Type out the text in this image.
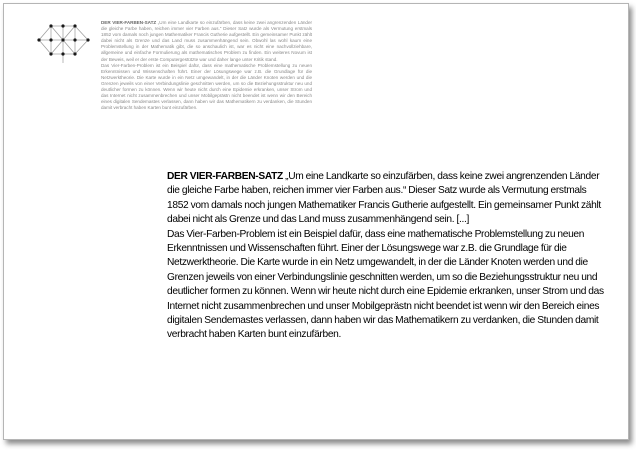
DER VIER-FARBEN-SATZ „Um eine Landkarte so einzufärben, dass keine zwei angrenzenden Länder die gleiche Farbe haben, reichen immer vier Farben aus.“ Dieser Satz wurde als Vermutung erstmals 1852 vom damals noch jungen Mathematiker Francis Gutherie aufgestellt. Ein gemeinsamer Punkt zählt dabei nicht als Grenze und das Land muss zusammenhängend sein. Obwohl las wohl kaum eine Problemstellung in der Mathematik gibt, die so anschaulich ist, war es nicht eine nachvollziehbare, allgemeine und einfache Formulierung als mathematisches Problem zu finden. Ein weiteres Novum ist der Beweis, weil er der erste Computergestützte war und daher lange unter Kritik stand.

Das Vier-Farben-Problem ist ein Beispiel dafür, dass eine mathematische Problemstellung zu neuen Erkenntnissen und Wissenschaften führt. Einer der Lösungswege war z.B. die Grundlage für die Netzwerktheorie. Die Karte wurde in ein Netz umgewandelt, in der die Länder Knoten werden und die Grenzen jeweils von einer Verbindungslinie geschnitten werden, um so die Beziehungsstruktur neu und deutlicher formen zu können. Wenn wir heute nicht durch eine Epidemie erkranken, unser Strom und das Internet nicht zusammenbrechen und unser Mobilgeprästn nicht beendet ist wenn wir den Bereich eines digitalen Sendemastes verlassen, dann haben wir das Mathematikern zu verdanken, die Stunden damit verbracht haben Karten bunt einzufärben.

DER VIER-FARBEN-SATZ „Um eine Landkarte so einzufärben, dass keine zwei angrenzenden Länder die gleiche Farbe haben, reichen immer vier Farben aus.“ Dieser Satz wurde als Vermutung erstmals 1852 vom damals noch jungen Mathematiker Francis Gutherie aufgestellt. Ein gemeinsamer Punkt zählt dabei nicht als Grenze und das Land muss zusammenhängend sein. [...]

Das Vier-Farben-Problem ist ein Beispiel dafür, dass eine mathematische Problemstellung zu neuen Erkenntnissen und Wissenschaften führt. Einer der Lösungswege war z.B. die Grundlage für die Netzwerktheorie. Die Karte wurde in ein Netz umgewandelt, in der die Länder Knoten werden und die Grenzen jeweils von einer Verbindungslinie geschnitten werden, um so die Beziehungsstruktur neu und deutlicher formen zu können. Wenn wir heute nicht durch eine Epidemie erkranken, unser Strom und das Internet nicht zusammenbrechen und unser Mobilgeprästn nicht beendet ist wenn wir den Bereich eines digitalen Sendemastes verlassen, dann haben wir das Mathematikern zu verdanken, die Stunden damit verbracht haben Karten bunt einzufärben.
